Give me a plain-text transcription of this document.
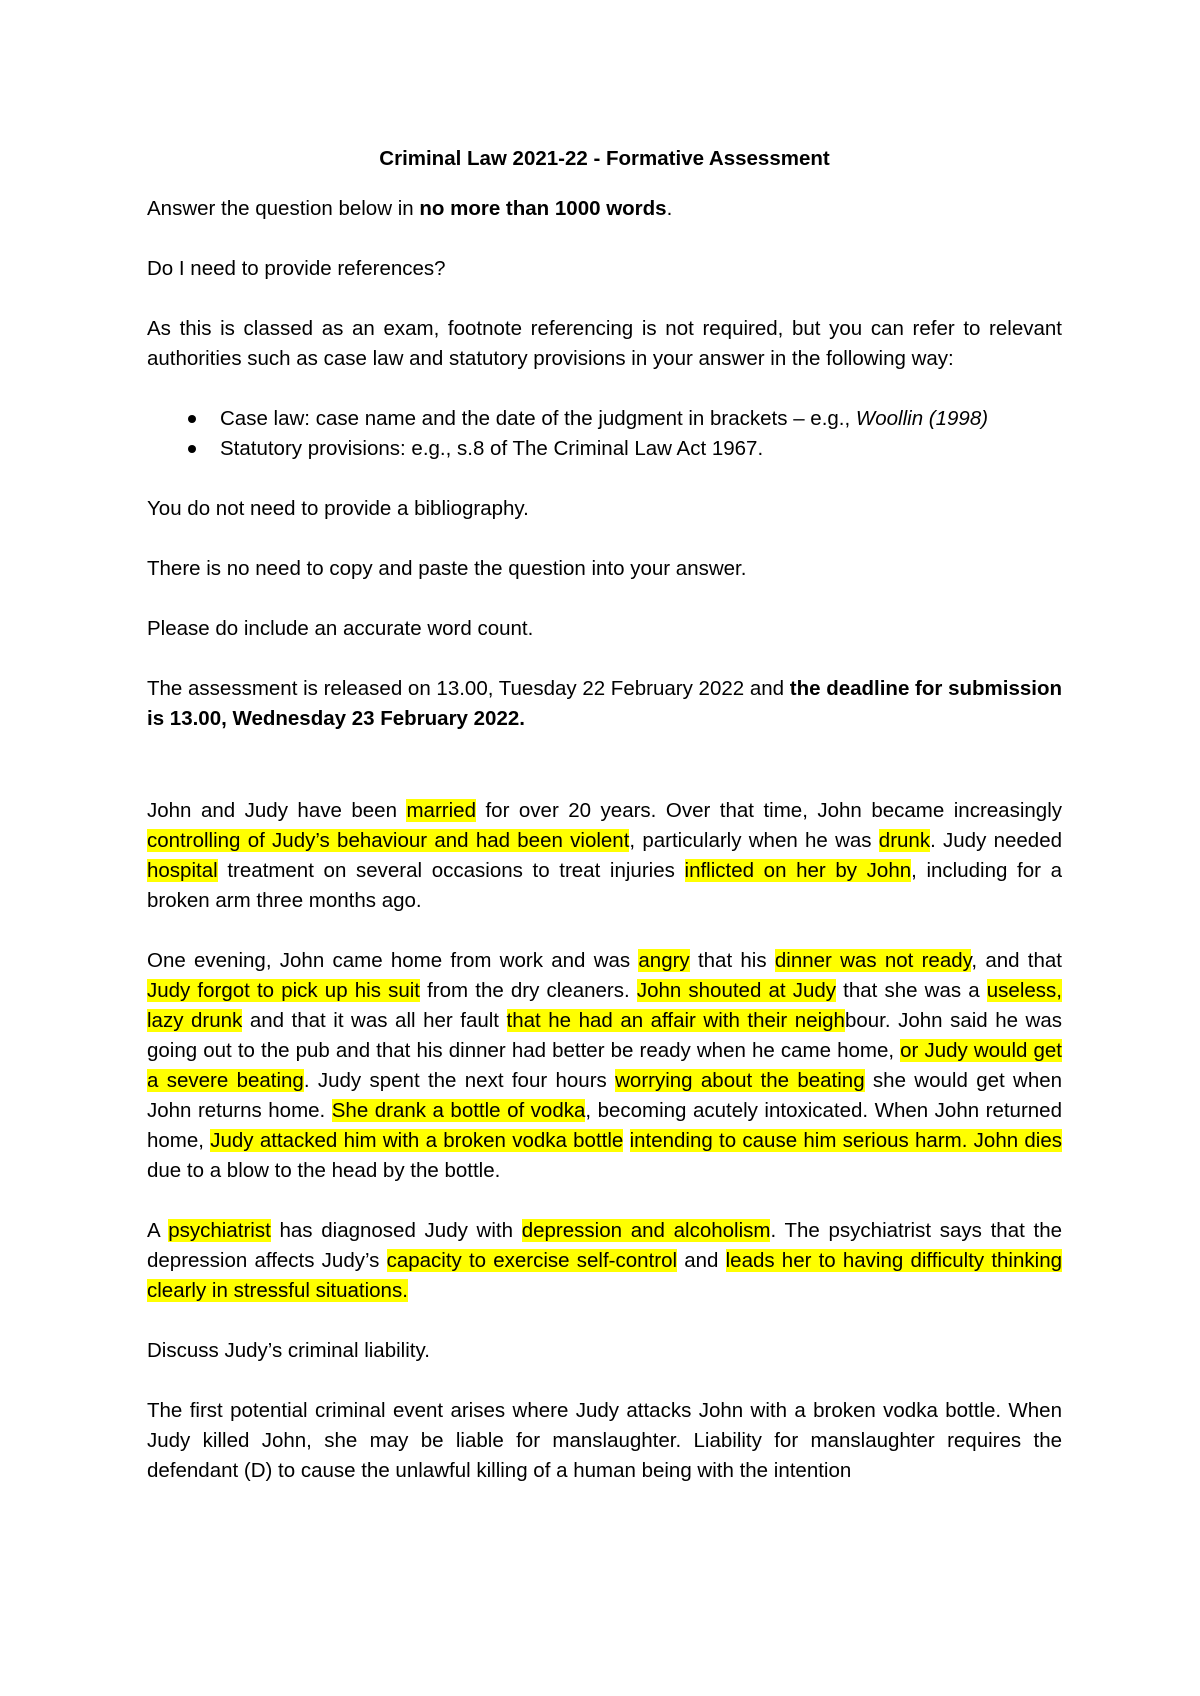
Criminal Law 2021-22 - Formative Assessment

Answer the question below in no more than 1000 words.

Do I need to provide references?

As this is classed as an exam, footnote referencing is not required, but you can refer to relevant authorities such as case law and statutory provisions in your answer in the following way:

Case law: case name and the date of the judgment in brackets – e.g., Woollin (1998)
Statutory provisions: e.g., s.8 of The Criminal Law Act 1967.

You do not need to provide a bibliography.

There is no need to copy and paste the question into your answer.

Please do include an accurate word count.

The assessment is released on 13.00, Tuesday 22 February 2022 and the deadline for submission is 13.00, Wednesday 23 February 2022.

John and Judy have been married for over 20 years. Over that time, John became increasingly controlling of Judy’s behaviour and had been violent, particularly when he was drunk. Judy needed hospital treatment on several occasions to treat injuries inflicted on her by John, including for a broken arm three months ago.

One evening, John came home from work and was angry that his dinner was not ready, and that Judy forgot to pick up his suit from the dry cleaners. John shouted at Judy that she was a useless, lazy drunk and that it was all her fault that he had an affair with their neighbour. John said he was going out to the pub and that his dinner had better be ready when he came home, or Judy would get a severe beating. Judy spent the next four hours worrying about the beating she would get when John returns home. She drank a bottle of vodka, becoming acutely intoxicated. When John returned home, Judy attacked him with a broken vodka bottle intending to cause him serious harm. John dies due to a blow to the head by the bottle.

A psychiatrist has diagnosed Judy with depression and alcoholism. The psychiatrist says that the depression affects Judy’s capacity to exercise self-control and leads her to having difficulty thinking clearly in stressful situations.

Discuss Judy’s criminal liability.

The first potential criminal event arises where Judy attacks John with a broken vodka bottle. When Judy killed John, she may be liable for manslaughter. Liability for manslaughter requires the defendant (D) to cause the unlawful killing of a human being with the intention
